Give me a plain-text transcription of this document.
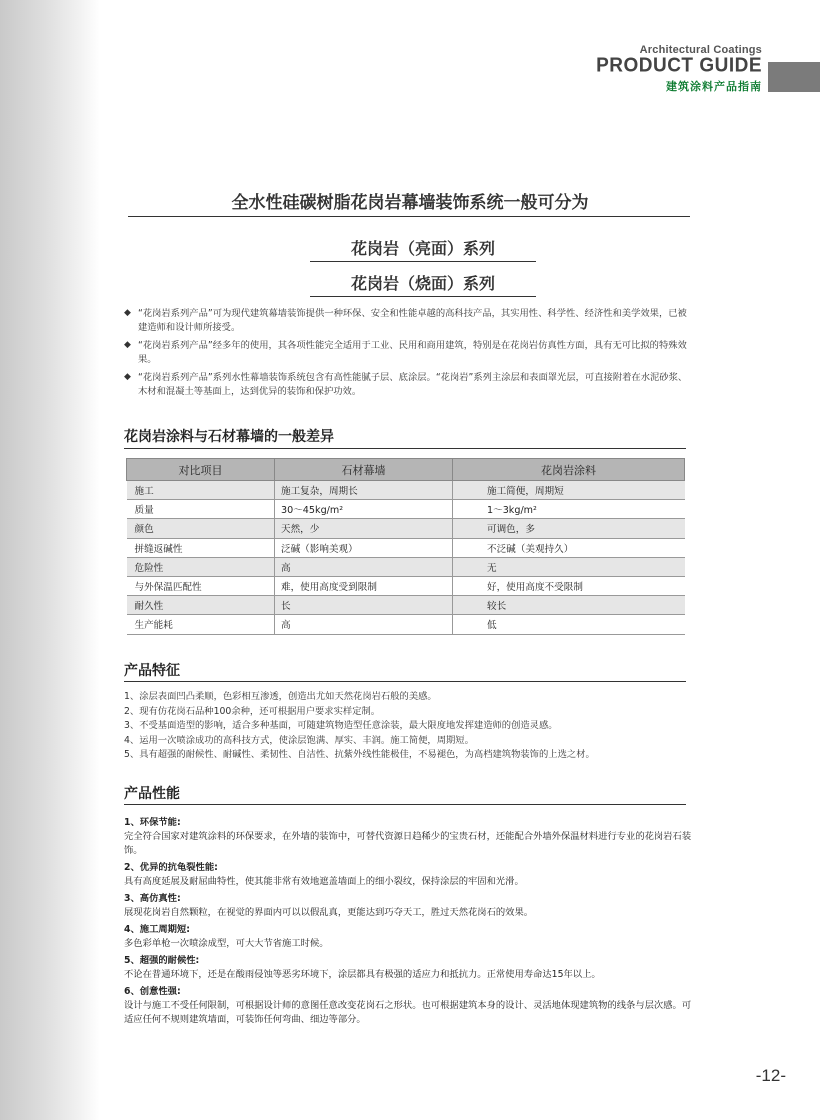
Architectural Coatings
PRODUCT GUIDE
建筑涂料产品指南
全水性硅碳树脂花岗岩幕墙装饰系统一般可分为
花岗岩（亮面）系列
花岗岩（烧面）系列
◆ “花岗岩系列产品”可为现代建筑幕墙装饰提供一种环保、安全和性能卓越的高科技产品，其实用性、科学性、经济性和美学效果，已被建造师和设计师所接受。
◆ “花岗岩系列产品”经多年的使用，其各项性能完全适用于工业、民用和商用建筑，特别是在花岗岩仿真性方面，具有无可比拟的特殊效果。
◆ “花岗岩系列产品”系列水性幕墙装饰系统包含有高性能腻子层、底涂层。“花岗岩”系列主涂层和表面罩光层，可直接附着在水泥砂浆、木材和混凝土等基面上，达到优异的装饰和保护功效。
花岗岩涂料与石材幕墙的一般差异
对比项目	石材幕墙	花岗岩涂料
施工	施工复杂，周期长	施工简便，周期短
质量	30～45kg/m²	1～3kg/m²
颜色	天然，少	可调色，多
拼缝返碱性	泛碱（影响美观）	不泛碱（美观持久）
危险性	高	无
与外保温匹配性	难，使用高度受到限制	好，使用高度不受限制
耐久性	长	较长
生产能耗	高	低
产品特征
1、涂层表面凹凸柔顺，色彩相互渗透，创造出尤如天然花岗岩石般的美感。
2、现有仿花岗石品种100余种，还可根据用户要求实样定制。
3、不受基面造型的影响，适合多种基面，可随建筑物造型任意涂装，最大限度地发挥建造师的创造灵感。
4、运用一次喷涂成功的高科技方式，使涂层饱满、厚实、丰润。施工简便，周期短。
5、具有超强的耐候性、耐碱性、柔韧性、自洁性、抗紫外线性能极佳，不易褪色，为高档建筑物装饰的上选之材。
产品性能
1、环保节能:
完全符合国家对建筑涂料的环保要求，在外墙的装饰中，可替代资源日趋稀少的宝贵石材，还能配合外墙外保温材料进行专业的花岗岩石装饰。
2、优异的抗龟裂性能:
具有高度延展及耐屈曲特性，使其能非常有效地遮盖墙面上的细小裂纹，保持涂层的牢固和光滑。
3、高仿真性:
展现花岗岩自然颗粒，在视觉的界面内可以以假乱真，更能达到巧夺天工，胜过天然花岗石的效果。
4、施工周期短:
多色彩单枪一次喷涂成型，可大大节省施工时候。
5、超强的耐候性:
不论在普通环境下，还是在酸雨侵蚀等恶劣环境下，涂层都具有极强的适应力和抵抗力。正常使用寿命达15年以上。
6、创意性强:
设计与施工不受任何限制，可根据设计师的意图任意改变花岗石之形状。也可根据建筑本身的设计、灵活地体现建筑物的线条与层次感。可适应任何不规则建筑墙面，可装饰任何弯曲、细边等部分。
-12-
